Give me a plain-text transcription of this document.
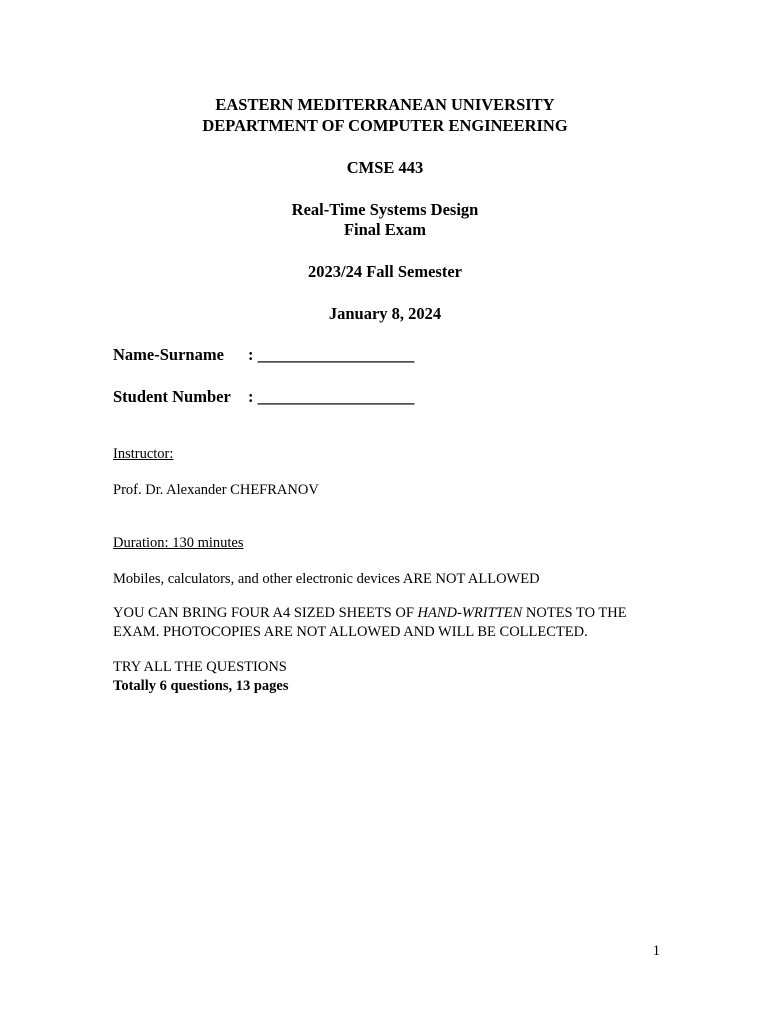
EASTERN MEDITERRANEAN UNIVERSITY
DEPARTMENT OF COMPUTER ENGINEERING
CMSE 443
Real-Time Systems Design
Final Exam
2023/24 Fall Semester
January 8, 2024
Name-Surname : ___________________
Student Number : ___________________
Instructor:
Prof. Dr. Alexander CHEFRANOV
Duration: 130 minutes
Mobiles, calculators, and other electronic devices ARE NOT ALLOWED
YOU CAN BRING FOUR A4 SIZED SHEETS OF HAND-WRITTEN NOTES TO THE EXAM. PHOTOCOPIES ARE NOT ALLOWED AND WILL BE COLLECTED.
TRY ALL THE QUESTIONS
Totally 6 questions, 13 pages
1
